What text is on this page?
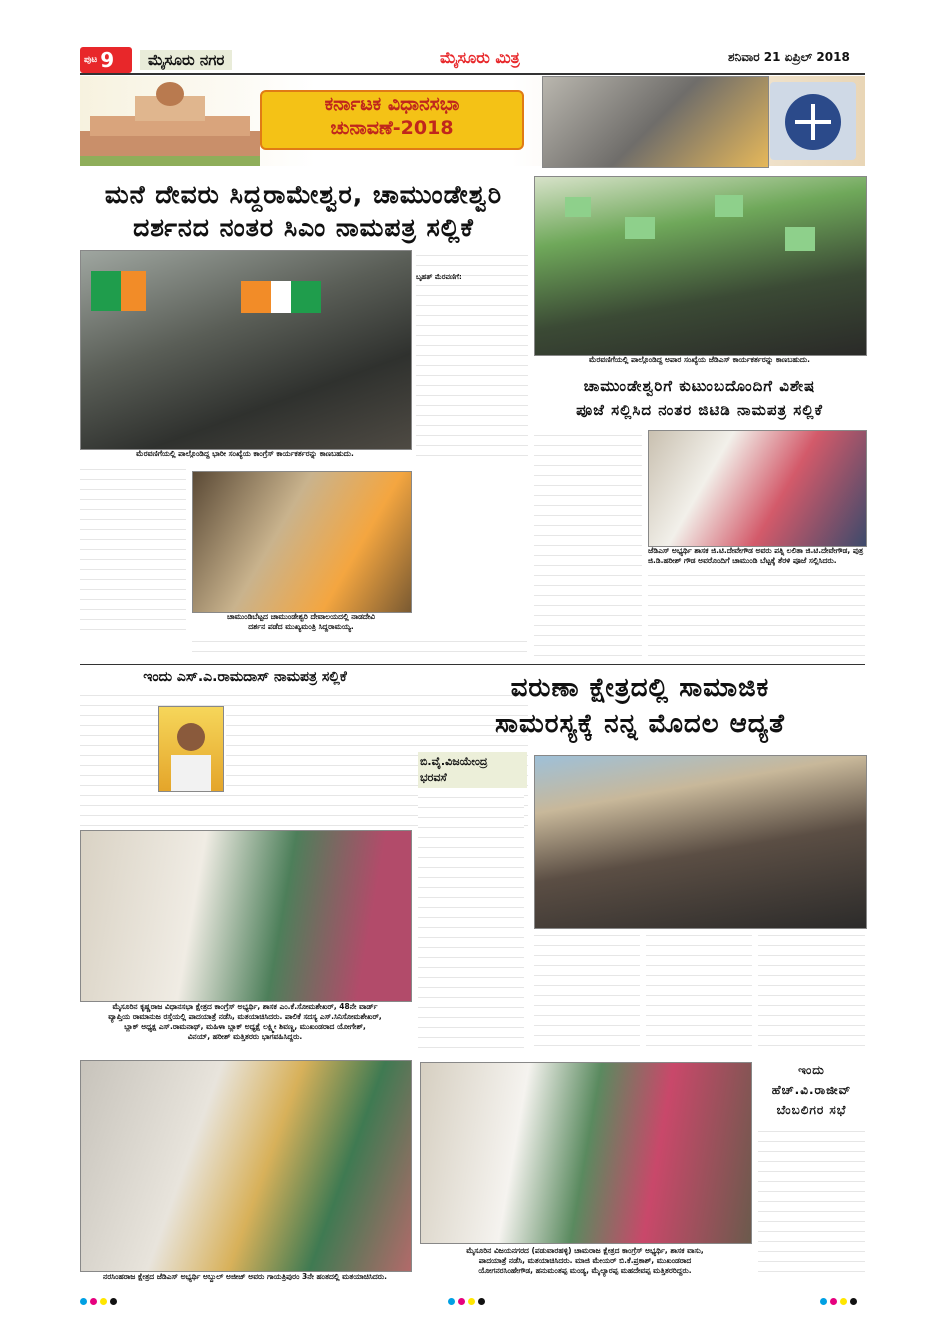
ಪುಟ 9	ಮೈಸೂರು ನಗರ	ಮೈಸೂರು ಮಿತ್ರ	ಶನಿವಾರ 21 ಏಪ್ರಿಲ್ 2018
ಕರ್ನಾಟಕ ವಿಧಾನಸಭಾ
ಚುನಾವಣೆ-2018
ಮನೆ ದೇವರು ಸಿದ್ದರಾಮೇಶ್ವರ, ಚಾಮುಂಡೇಶ್ವರಿ
ದರ್ಶನದ ನಂತರ ಸಿಎಂ ನಾಮಪತ್ರ ಸಲ್ಲಿಕೆ
ಮೆರವಣಿಗೆಯಲ್ಲಿ ಪಾಲ್ಗೊಂಡಿದ್ದ ಭಾರೀ ಸಂಖ್ಯೆಯ ಕಾಂಗ್ರೆಸ್ ಕಾರ್ಯಕರ್ತರನ್ನು ಕಾಣಬಹುದು.
ಬೃಹತ್ ಮೆರವಣಿಗೆ:
ಚಾಮುಂಡಿಬೆಟ್ಟದ ಚಾಮುಂಡೇಶ್ವರಿ ದೇವಾಲಯದಲ್ಲಿ ನಾಡದೇವಿ
ದರ್ಶನ ಪಡೆದ ಮುಖ್ಯಮಂತ್ರಿ ಸಿದ್ದರಾಮಯ್ಯ.
ಮೆರವಣಿಗೆಯಲ್ಲಿ ಪಾಲ್ಗೊಂಡಿದ್ದ ಅಪಾರ ಸಂಖ್ಯೆಯ ಜೆಡಿಎಸ್ ಕಾರ್ಯಕರ್ತರನ್ನು ಕಾಣಬಹುದು.
ಚಾಮುಂಡೇಶ್ವರಿಗೆ ಕುಟುಂಬದೊಂದಿಗೆ ವಿಶೇಷ
ಪೂಜೆ ಸಲ್ಲಿಸಿದ ನಂತರ ಜಿಟಿಡಿ ನಾಮಪತ್ರ ಸಲ್ಲಿಕೆ
ಜೆಡಿಎಸ್ ಅಭ್ಯರ್ಥಿ ಶಾಸಕ ಜಿ.ಟಿ.ದೇವೇಗೌಡ ಅವರು ಪತ್ನಿ ಲಲಿತಾ ಜಿ.ಟಿ.ದೇವೇಗೌಡ, ಪುತ್ರ ಜಿ.ಡಿ.ಹರೀಶ್ ಗೌಡ ಅವರೊಂದಿಗೆ ಚಾಮುಂಡಿ ಬೆಟ್ಟಕ್ಕೆ ತೆರಳಿ ಪೂಜೆ ಸಲ್ಲಿಸಿದರು.
ಇಂದು ಎಸ್.ಎ.ರಾಮದಾಸ್ ನಾಮಪತ್ರ ಸಲ್ಲಿಕೆ
ಮೈಸೂರಿನ ಕೃಷ್ಣರಾಜ ವಿಧಾನಸಭಾ ಕ್ಷೇತ್ರದ ಕಾಂಗ್ರೆಸ್ ಅಭ್ಯರ್ಥಿ, ಶಾಸಕ ಎಂ.ಕೆ.ಸೋಮಶೇಖರ್, 48ನೇ ವಾರ್ಡ್
ವ್ಯಾಪ್ತಿಯ ರಾಮಾನುಜ ರಸ್ತೆಯಲ್ಲಿ ಪಾದಯಾತ್ರೆ ನಡೆಸಿ, ಮತಯಾಚಿಸಿದರು. ಪಾಲಿಕೆ ಸದಸ್ಯ ಎಸ್.ಸಿನಿಸೋಮಶೇಖರ್,
ಬ್ಲಾಕ್ ಅಧ್ಯಕ್ಷ ಎಸ್.ರಾಮನಾಥ್, ಮಹಿಳಾ ಬ್ಲಾಕ್ ಅಧ್ಯಕ್ಷೆ ಲಕ್ಷ್ಮೀ ಶಿವಣ್ಣ, ಮುಖಂಡರಾದ ಯೋಗೇಶ್,
ವಿನಯ್, ಹರೀಶ್ ಮತ್ತಿತರರು ಭಾಗವಹಿಸಿದ್ದರು.
ವರುಣಾ ಕ್ಷೇತ್ರದಲ್ಲಿ ಸಾಮಾಜಿಕ
ಸಾಮರಸ್ಯಕ್ಕೆ ನನ್ನ ಮೊದಲ ಆದ್ಯತೆ
ಬಿ.ವೈ.ವಿಜಯೇಂದ್ರ
ಭರವಸೆ
ನರಸಿಂಹರಾಜ ಕ್ಷೇತ್ರದ ಜೆಡಿಎಸ್ ಅಭ್ಯರ್ಥಿ ಅಬ್ದುಲ್ ಅಜೀಜ್ ಅವರು ಗಾಯತ್ರಿಪುರಂ 3ನೇ ಹಂತದಲ್ಲಿ ಮತಯಾಚಿಸಿದರು.
ಮೈಸೂರಿನ ವಿಜಯನಗರದ (ಪಡುವಾರಹಳ್ಳಿ) ಚಾಮರಾಜ ಕ್ಷೇತ್ರದ ಕಾಂಗ್ರೆಸ್ ಅಭ್ಯರ್ಥಿ, ಶಾಸಕ ವಾಸು,
ಪಾದಯಾತ್ರೆ ನಡೆಸಿ, ಮತಯಾಚಿಸಿದರು. ಮಾಜಿ ಮೇಯರ್ ಬಿ.ಕೆ.ಪ್ರಕಾಶ್, ಮುಖಂಡರಾದ
ಯೋಗನರಸಿಂಹೇಗೌಡ, ಹನುಮಂತಪ್ಪ ಮಂಡ್ಯ, ಮೈಲ್ಯಾರಪ್ಪ ಮಹದೇವಪ್ಪ ಮತ್ತಿತರರಿದ್ದರು.
ಇಂದು
ಹೆಚ್.ವಿ.ರಾಜೀವ್
ಬೆಂಬಲಿಗರ ಸಭೆ
